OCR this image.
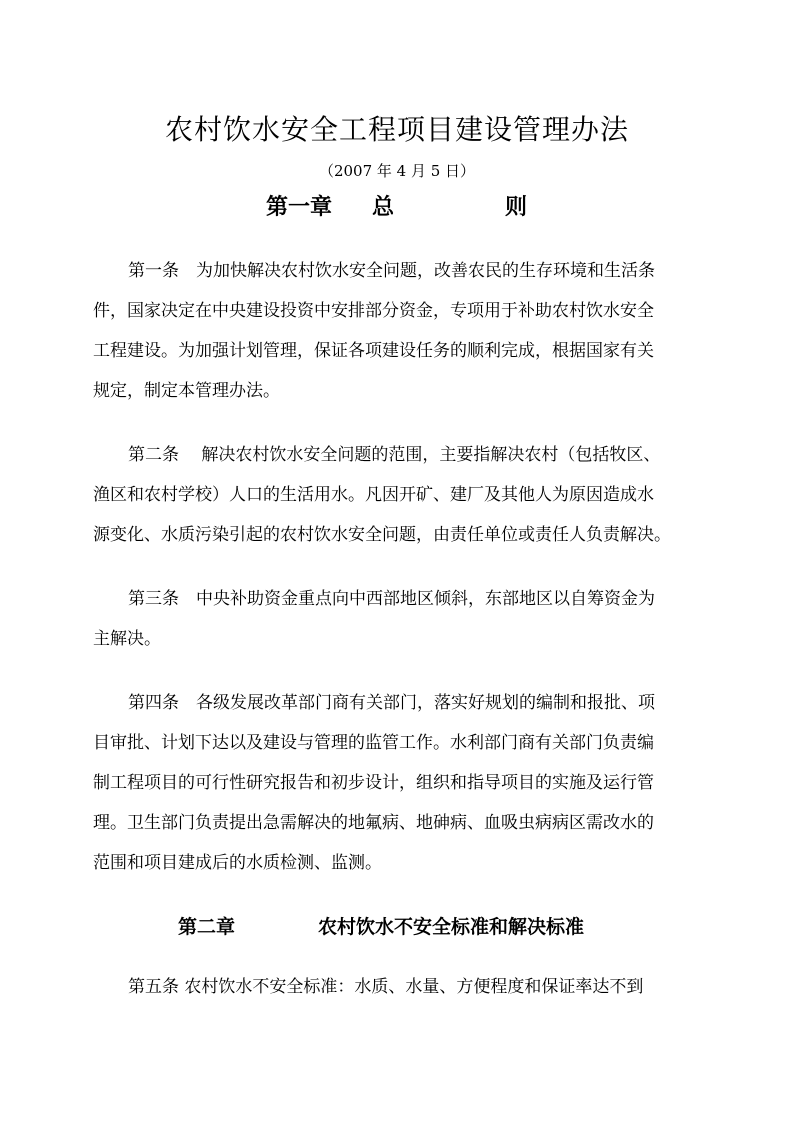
农村饮水安全工程项目建设管理办法
（2007 年 4 月 5 日）
第一章 总	则
第一条　为加快解决农村饮水安全问题，改善农民的生存环境和生活条
件，国家决定在中央建设投资中安排部分资金，专项用于补助农村饮水安全
工程建设。为加强计划管理，保证各项建设任务的顺利完成，根据国家有关
规定，制定本管理办法。
第二条　 解决农村饮水安全问题的范围，主要指解决农村（包括牧区、
渔区和农村学校）人口的生活用水。凡因开矿、建厂及其他人为原因造成水
源变化、水质污染引起的农村饮水安全问题，由责任单位或责任人负责解决。
第三条　中央补助资金重点向中西部地区倾斜，东部地区以自筹资金为
主解决。
第四条　各级发展改革部门商有关部门，落实好规划的编制和报批、项
目审批、计划下达以及建设与管理的监管工作。水利部门商有关部门负责编
制工程项目的可行性研究报告和初步设计，组织和指导项目的实施及运行管
理。卫生部门负责提出急需解决的地氟病、地砷病、血吸虫病病区需改水的
范围和项目建成后的水质检测、监测。
第二章	农村饮水不安全标准和解决标准
第五条 农村饮水不安全标准：水质、水量、方便程度和保证率达不到
